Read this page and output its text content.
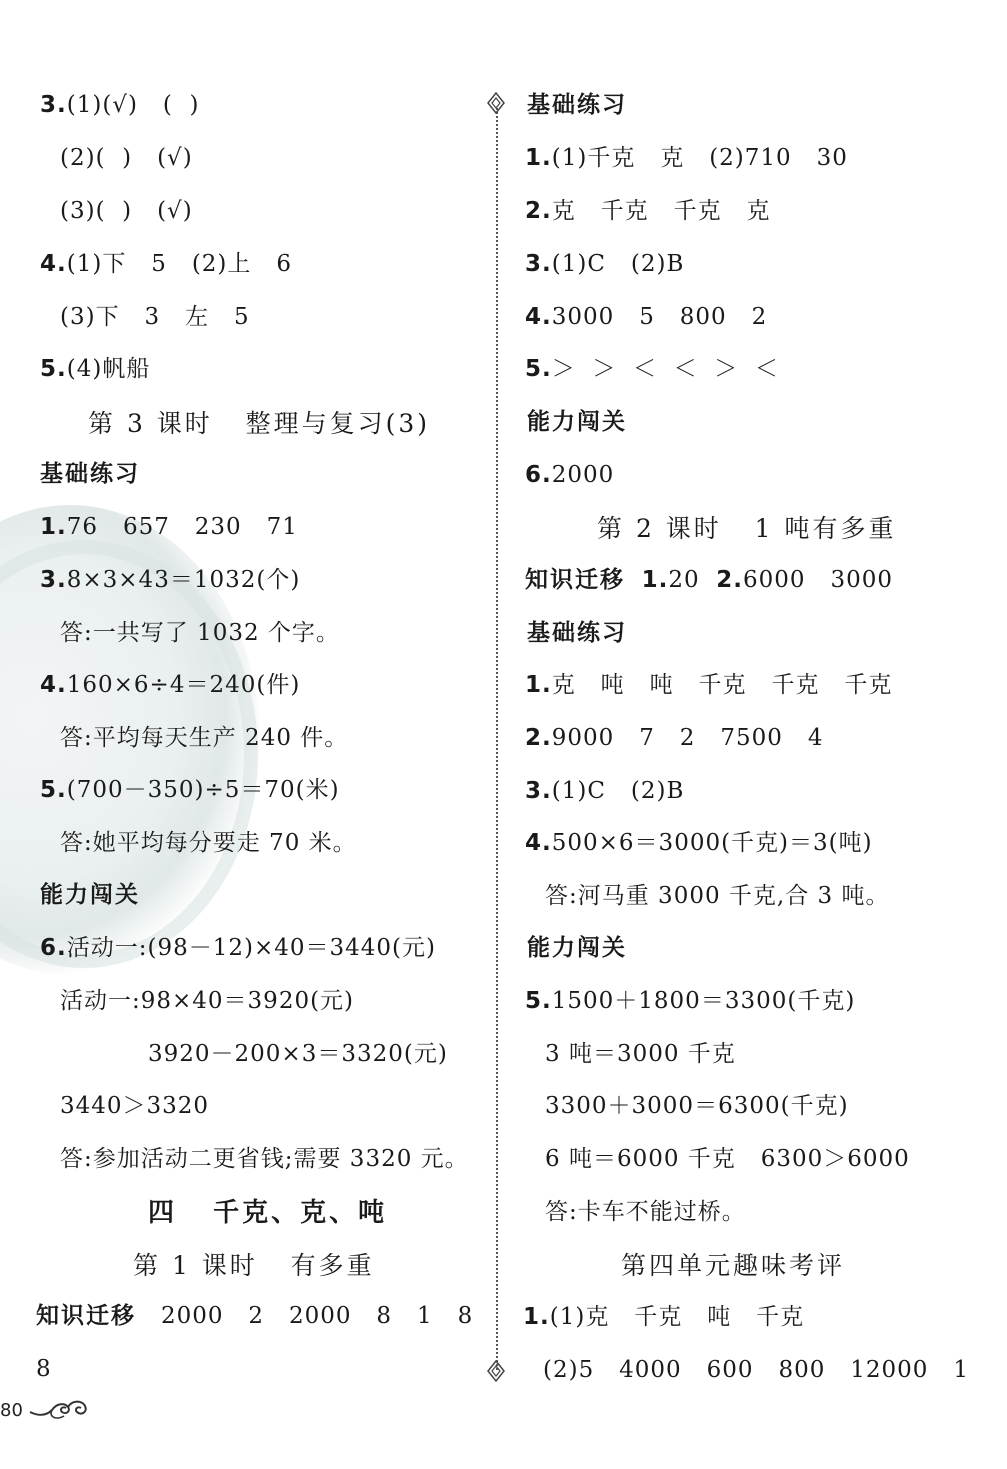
3.(1)(√)   (  )
(2)(  )   (√)
(3)(  )   (√)
4.(1)下   5   (2)上   6
(3)下   3   左   5
5.(4)帆船
第 3 课时   整理与复习(3)
基础练习
1.76   657   230   71
3.8×3×43＝1032(个)
答:一共写了 1032 个字。
4.160×6÷4＝240(件)
答:平均每天生产 240 件。
5.(700－350)÷5＝70(米)
答:她平均每分要走 70 米。
能力闯关
6.活动一:(98－12)×40＝3440(元)
活动一:98×40＝3920(元)
3920－200×3＝3320(元)
3440＞3320
答:参加活动二更省钱;需要 3320 元。
四   千克、克、吨
第 1 课时   有多重
知识迁移 2000   2   2000   8   1   8
8
基础练习
1.(1)千克   克   (2)710   30
2.克   千克   千克   克
3.(1)C   (2)B
4.3000   5   800   2
5.＞  ＞  ＜  ＜  ＞  ＜
能力闯关
6.2000
第 2 课时   1 吨有多重
知识迁移 1.20 2.6000   3000
基础练习
1.克   吨   吨   千克   千克   千克
2.9000   7   2   7500   4
3.(1)C   (2)B
4.500×6＝3000(千克)＝3(吨)
答:河马重 3000 千克,合 3 吨。
能力闯关
5.1500＋1800＝3300(千克)
3 吨＝3000 千克
3300＋3000＝6300(千克)
6 吨＝6000 千克   6300＞6000
答:卡车不能过桥。
第四单元趣味考评
1.(1)克   千克   吨   千克
(2)5   4000   600   800   12000   1
80
